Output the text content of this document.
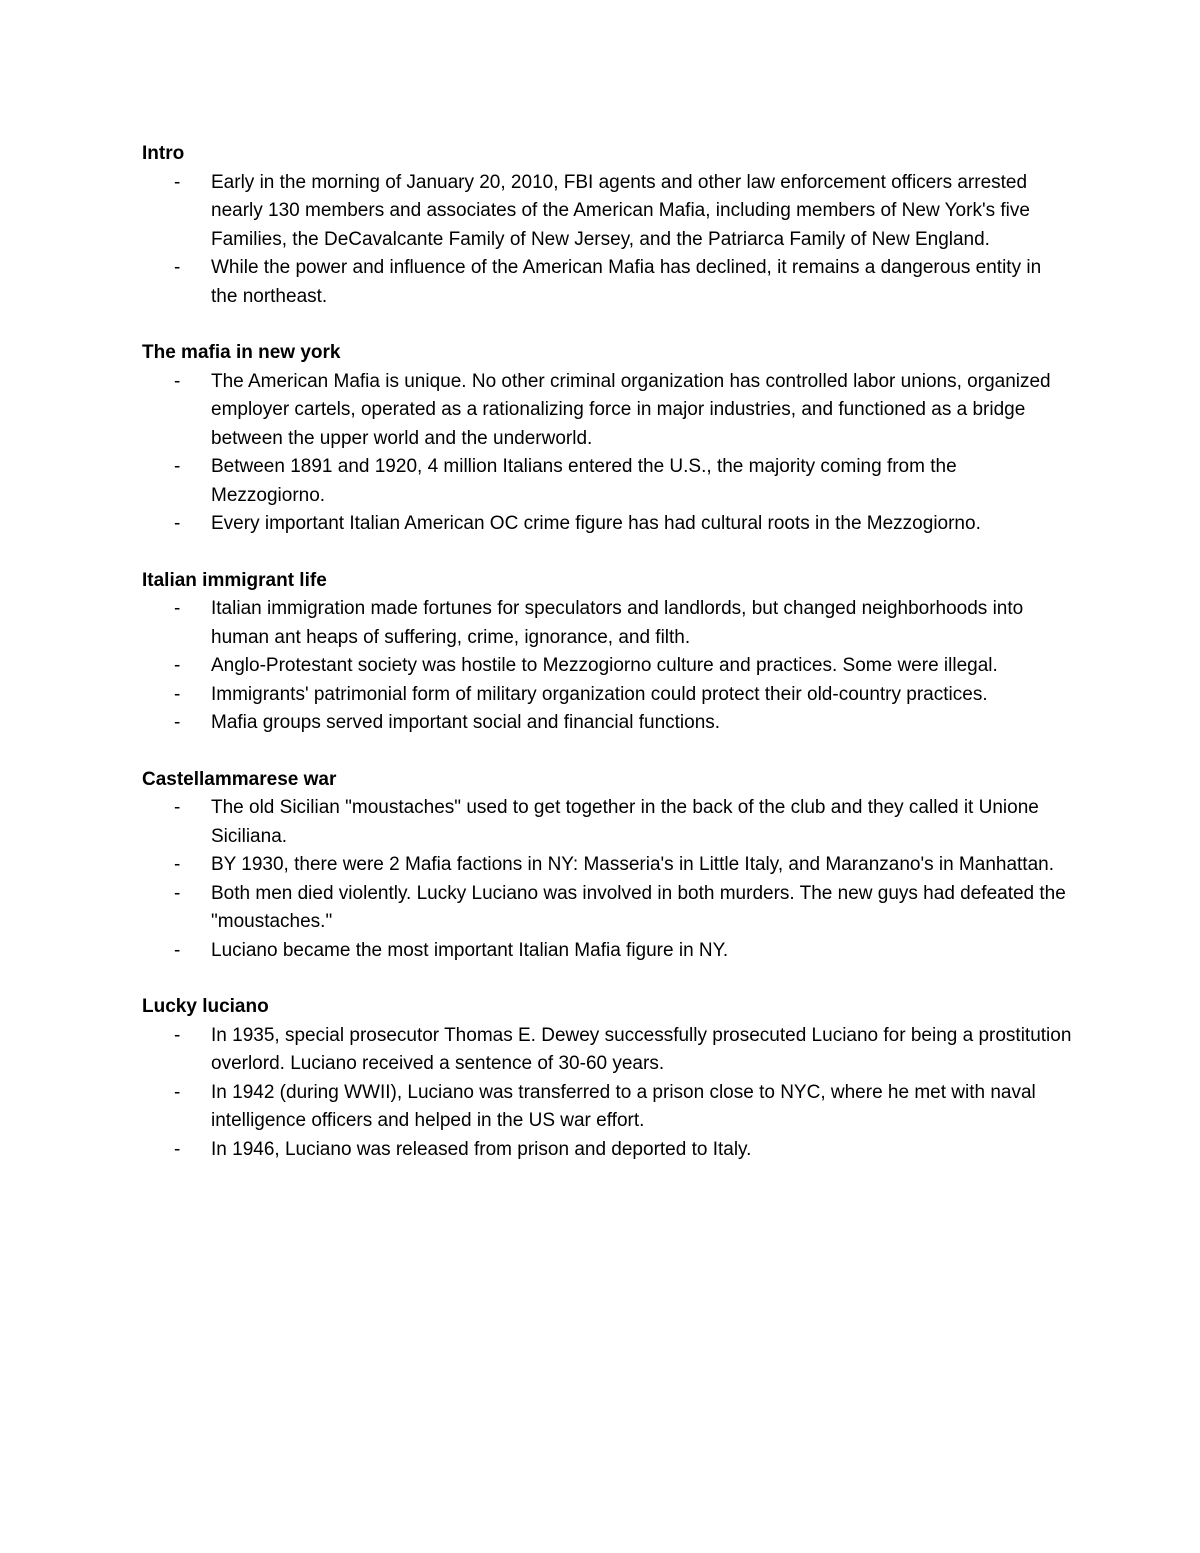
Intro
- Early in the morning of January 20, 2010, FBI agents and other law enforcement officers arrested nearly 130 members and associates of the American Mafia, including members of New York's five Families, the DeCavalcante Family of New Jersey, and the Patriarca Family of New England.
- While the power and influence of the American Mafia has declined, it remains a dangerous entity in the northeast.
The mafia in new york
- The American Mafia is unique. No other criminal organization has controlled labor unions, organized employer cartels, operated as a rationalizing force in major industries, and functioned as a bridge between the upper world and the underworld.
- Between 1891 and 1920, 4 million Italians entered the U.S., the majority coming from the Mezzogiorno.
- Every important Italian American OC crime figure has had cultural roots in the Mezzogiorno.
Italian immigrant life
- Italian immigration made fortunes for speculators and landlords, but changed neighborhoods into human ant heaps of suffering, crime, ignorance, and filth.
- Anglo-Protestant society was hostile to Mezzogiorno culture and practices. Some were illegal.
- Immigrants' patrimonial form of military organization could protect their old-country practices.
- Mafia groups served important social and financial functions.
Castellammarese war
- The old Sicilian "moustaches" used to get together in the back of the club and they called it Unione Siciliana.
- BY 1930, there were 2 Mafia factions in NY: Masseria's in Little Italy, and Maranzano's in Manhattan.
- Both men died violently. Lucky Luciano was involved in both murders. The new guys had defeated the "moustaches."
- Luciano became the most important Italian Mafia figure in NY.
Lucky luciano
- In 1935, special prosecutor Thomas E. Dewey successfully prosecuted Luciano for being a prostitution overlord. Luciano received a sentence of 30-60 years.
- In 1942 (during WWII), Luciano was transferred to a prison close to NYC, where he met with naval intelligence officers and helped in the US war effort.
- In 1946, Luciano was released from prison and deported to Italy.
